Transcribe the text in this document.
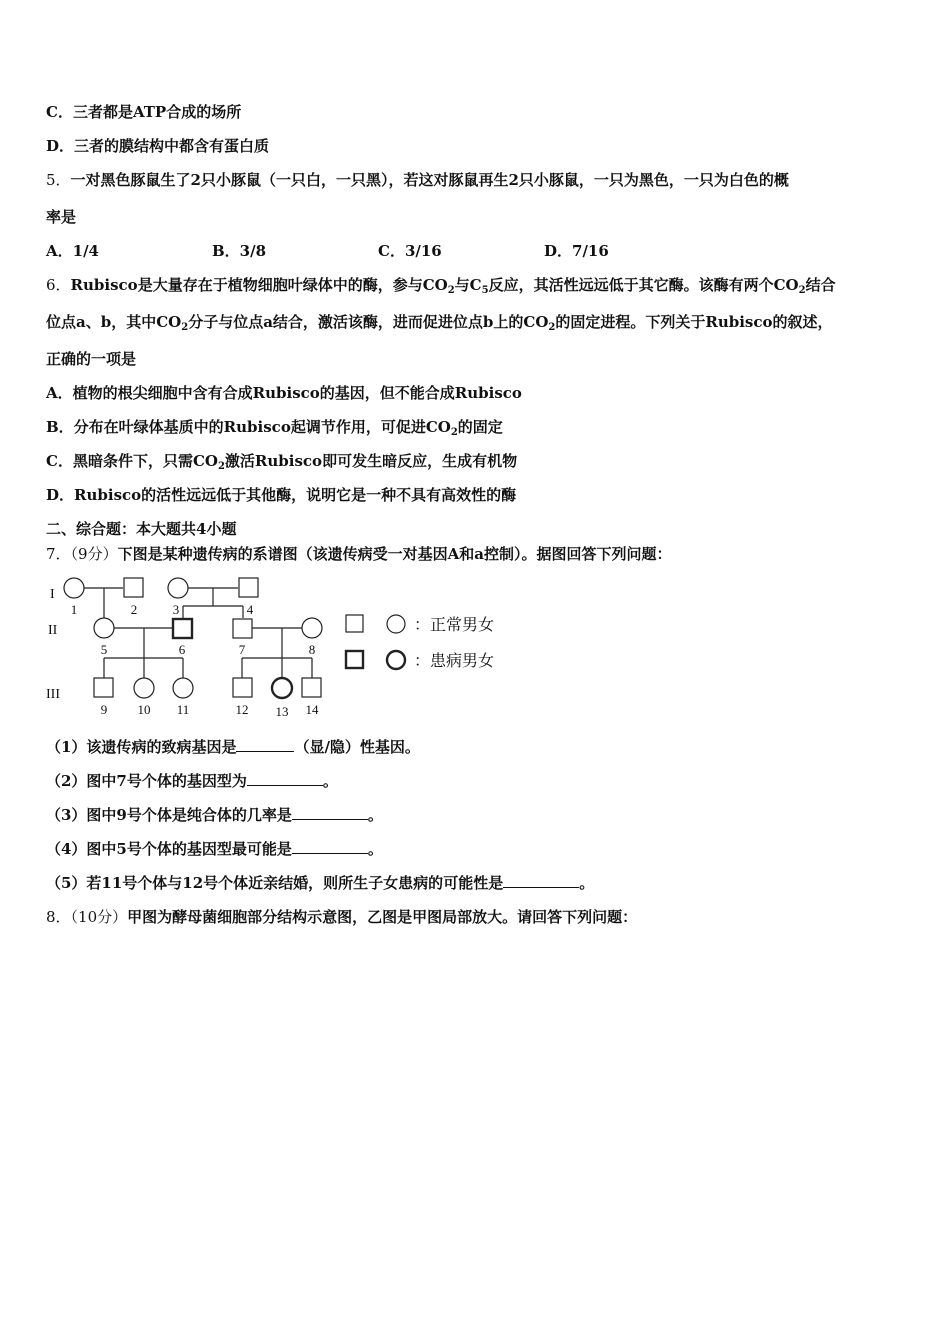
C．三者都是ATP合成的场所
D．三者的膜结构中都含有蛋白质
5．一对黑色豚鼠生了2只小豚鼠（一只白，一只黑），若这对豚鼠再生2只小豚鼠，一只为黑色，一只为白色的概
率是
A．1/4	B．3/8	C．3/16	D．7/16
6．Rubisco是大量存在于植物细胞叶绿体中的酶，参与$CO_2$与$C_5$反应，其活性远远低于其它酶。该酶有两个$CO_2$结合
位点a、b，其中$CO_2$分子与位点a结合，激活该酶，进而促进位点b上的$CO_2$的固定进程。下列关于Rubisco的叙述，
正确的一项是
A．植物的根尖细胞中含有合成Rubisco的基因，但不能合成Rubisco
B．分布在叶绿体基质中的Rubisco起调节作用，可促进$CO_2$的固定
C．黑暗条件下，只需$CO_2$激活Rubisco即可发生暗反应，生成有机物
D．Rubisco的活性远远低于其他酶，说明它是一种不具有高效性的酶
二、综合题：本大题共4小题
7．（9分）下图是某种遗传病的系谱图（该遗传病受一对基因A和a控制）。据图回答下列问题：
I
II
III
1	2	3	4
5	6	7	8
9 10 11	12 13 14
：正常男女
：患病男女
（1）该遗传病的致病基因是	（显/隐）性基因。
（2）图中7号个体的基因型为	。
（3）图中9号个体是纯合体的几率是	。
（4）图中5号个体的基因型最可能是	。
（5）若11号个体与12号个体近亲结婚，则所生子女患病的可能性是	。
8．（10分）甲图为酵母菌细胞部分结构示意图，乙图是甲图局部放大。请回答下列问题：
